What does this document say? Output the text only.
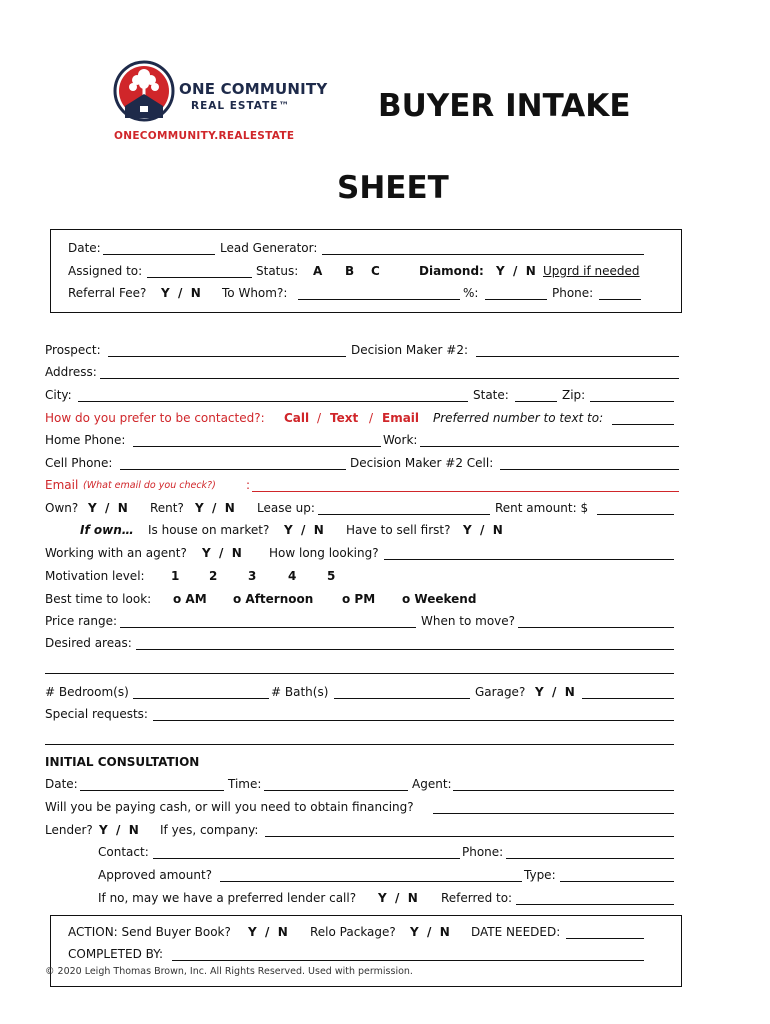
ONE COMMUNITY
REAL ESTATE™
ONECOMMUNITY.REALESTATE
BUYER INTAKE
SHEET
Date:	Lead Generator:
Assigned to:	Status: A B C	Diamond: Y  /  N Upgrd if needed
Referral Fee? Y  /  N To Whom?:	%:	Phone:
Prospect:	Decision Maker #2:
Address:
City:	State:	Zip:
How do you prefer to be contacted?: Call / Text / Email Preferred number to text to:
Home Phone:	Work:
Cell Phone:	Decision Maker #2 Cell:
Email (What email do you check?)	:
Own? Y  /  N Rent? Y  /  N Lease up:	Rent amount: $
If own… Is house on market? Y  /  N Have to sell first? Y  /  N
Working with an agent? Y  /  N How long looking?
Motivation level: 1 2	3	4	5
Best time to look: o AM o Afternoon o PM o Weekend
Price range:	When to move?
Desired areas:
# Bedroom(s)	# Bath(s)	Garage? Y  /  N
Special requests:
INITIAL CONSULTATION
Date:	Time:	Agent:
Will you be paying cash, or will you need to obtain financing?
Lender? Y  /  N If yes, company:
Contact:	Phone:
Approved amount?	Type:
If no, may we have a preferred lender call? Y  /  N Referred to:
ACTION: Send Buyer Book? Y  /  N Relo Package? Y  /  N DATE NEEDED:
COMPLETED BY:
© 2020 Leigh Thomas Brown, Inc. All Rights Reserved. Used with permission.
